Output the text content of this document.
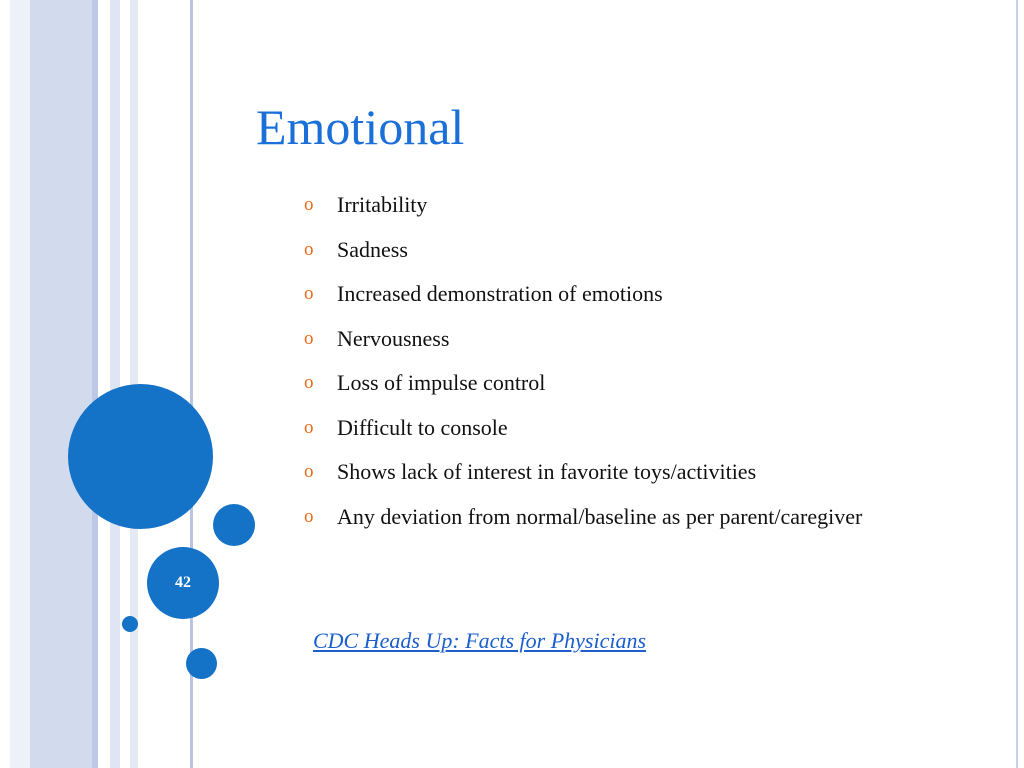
42
Emotional
o Irritability
o Sadness
o Increased demonstration of emotions
o Nervousness
o Loss of impulse control
o Difficult to console
o Shows lack of interest in favorite toys/activities
o Any deviation from normal/baseline as per parent/caregiver
CDC Heads Up: Facts for Physicians
